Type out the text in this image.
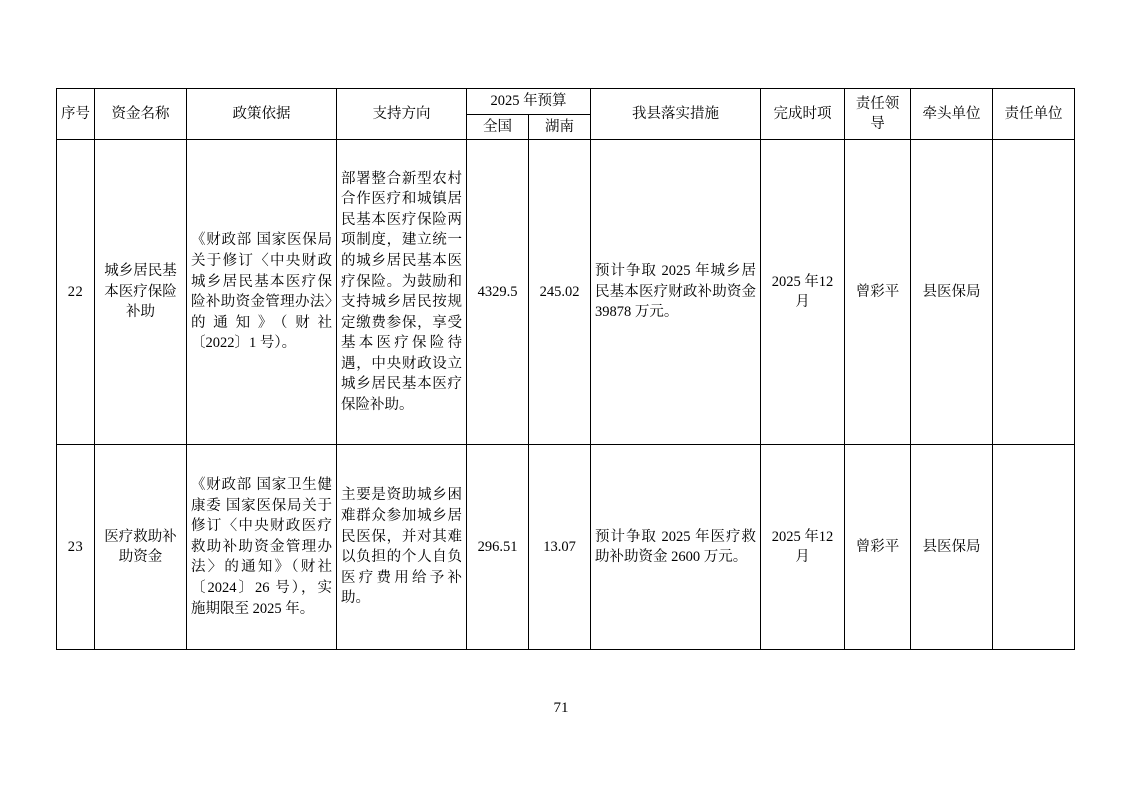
序号	资金名称	政策依据	支持方向	2025 年预算		我县落实措施	完成时项	责任领导	牵头单位	责任单位
				全国	湖南					
22	城乡居民基本医疗保险补助	《财政部 国家医保局关于修订〈中央财政城乡居民基本医疗保险补助资金管理办法〉的通知》（财社〔2022〕1 号）。	部署整合新型农村合作医疗和城镇居民基本医疗保险两项制度，建立统一的城乡居民基本医疗保险。为鼓励和支持城乡居民按规定缴费参保，享受基本医疗保险待遇，中央财政设立城乡居民基本医疗保险补助。	4329.5	245.02	预计争取 2025 年城乡居民基本医疗财政补助资金 39878 万元。	2025 年12 月	曾彩平	县医保局	
23	医疗救助补助资金	《财政部 国家卫生健康委 国家医保局关于修订〈中央财政医疗救助补助资金管理办法〉的通知》（财社〔2024〕26 号），实施期限至 2025 年。	主要是资助城乡困难群众参加城乡居民医保，并对其难以负担的个人自负医疗费用给予补助。	296.51	13.07	预计争取 2025 年医疗救助补助资金 2600 万元。	2025 年12 月	曾彩平	县医保局	
71
